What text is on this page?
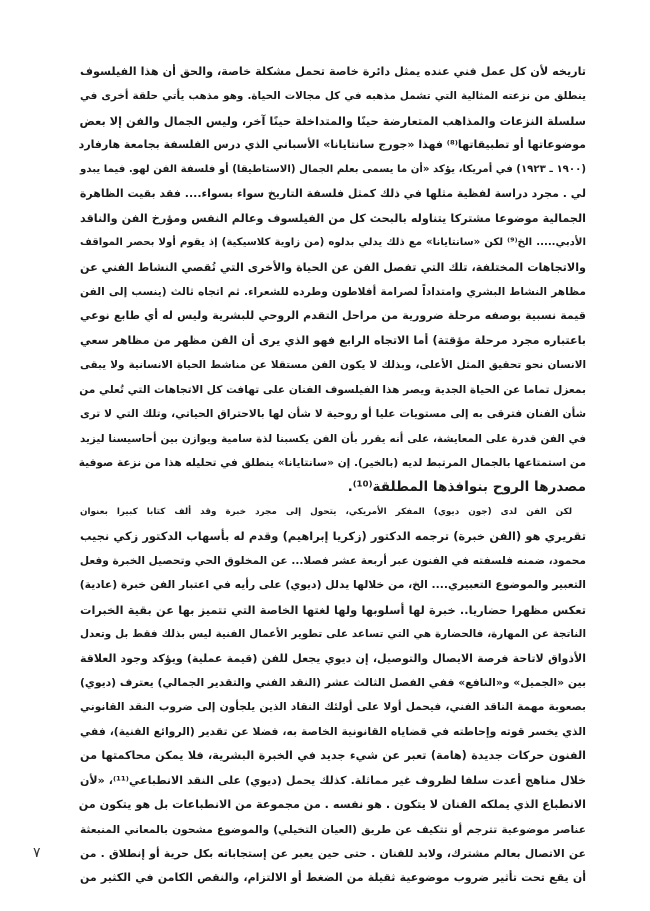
تاريخه لأن كل عمل فني عنده يمثل دائرة خاصة تحمل مشكلة خاصة، والحق أن هذا الفيلسوف
ينطلق من نزعته المثالية التي تشمل مذهبه في كل مجالات الحياة. وهو مذهب يأتي حلقة أخرى في
سلسلة النزعات والمذاهب المتعارضة حينًا والمتداخلة حينًا آخر، وليس الجمال والفن إلا بعض
موضوعاتها أو تطبيقاتها⁽⁸⁾ فهذا «جورج سانتايانا» الأسباني الذي درس الفلسفة بجامعة هارفارد
(١٩٠٠ ـ ١٩٢٣) في أمريكا، يؤكد «أن ما يسمى بعلم الجمال (الاستاطيقا) أو فلسفة الفن لهو. فيما يبدو
لي . مجرد دراسة لفظية مثلها في ذلك كمثل فلسفة التاريخ سواء بسواء.... فقد بقيت الظاهرة
الجمالية موضوعا مشتركا يتناوله بالبحث كل من الفيلسوف وعالم النفس ومؤرخ الفن والناقد
الأدبي..... الخ⁽⁹⁾ لكن «سانتايانا» مع ذلك يدلي بدلوه (من زاوية كلاسيكية) إذ يقوم أولا بحصر المواقف
والاتجاهات المختلفة، تلك التي تفصل الفن عن الحياة والأخرى التي تُقصي النشاط الفني عن
مظاهر النشاط البشري وامتداداً لصرامة أفلاطون وطرده للشعراء. ثم اتجاه ثالث (ينسب إلى الفن
قيمة نسبية بوصفه مرحلة ضرورية من مراحل التقدم الروحي للبشرية وليس له أي طابع نوعي
باعتباره مجرد مرحلة مؤقتة) أما الاتجاه الرابع فهو الذي يرى أن الفن مظهر من مظاهر سعي
الانسان نحو تحقيق المثل الأعلى، وبذلك لا يكون الفن مستقلا عن مناشط الحياة الانسانية ولا يبقى
بمعزل تماما عن الحياة الجدية ويصر هذا الفيلسوف الفنان على تهافت كل الاتجاهات التي تُعلي من
شأن الفنان فترقى به إلى مستويات عليا أو روحية لا شأن لها بالاحتراق الحياتي، وتلك التي لا ترى
في الفن قدرة على المعايشة، على أنه يقرر بأن الفن يكسبنا لذة سامية ويوازن بين أحاسيسنا ليزيد
من استمتاعها بالجمال المرتبط لديه (بالخير). إن «سانتايانا» ينطلق في تحليله هذا من نزعة صوفية
مصدرها الروح بنوافذها المطلقة⁽¹⁰⁾.
لكن الفن لدى (جون ديوي) المفكر الأمريكي، يتحول إلى مجرد خبرة وقد ألف كتابا كبيرا بعنوان
تقريري هو (الفن خبرة) ترجمه الدكتور (زكريا إبراهيم) وقدم له بأسهاب الدكتور زكي نجيب
محمود، ضمنه فلسفته في الفنون عبر أربعة عشر فصلا... عن المخلوق الحي وتحصيل الخبرة وفعل
التعبير والموضوع التعبيري.... الخ، من خلالها يدلل (ديوي) على رأيه في اعتبار الفن خبرة (عادية)
تعكس مظهرا حضاريا.. خبرة لها أسلوبها ولها لغتها الخاصة التي تتميز بها عن بقية الخبرات
الناتجة عن المهارة، فالحضارة هي التي تساعد على تطوير الأعمال الفنية ليس بذلك فقط بل وتعدل
الأذواق لاتاحة فرصة الايصال والتوصيل، إن ديوي يجعل للفن (قيمة عملية) ويؤكد وجود العلاقة
بين «الجميل» و«النافع» ففي الفصل الثالث عشر (النقد الفني والتقدير الجمالي) يعترف (ديوي)
بصعوبة مهمة الناقد الفني، فيحمل أولا على أولئك النقاد الذين يلجأون إلى ضروب النقد القانوني
الذي يخسر قوته وإحاطته في قضاياه القانونية الخاصة به، فضلا عن تقدير (الروائع الفنية)، ففي
الفنون حركات جديدة (هامة) تعبر عن شيء جديد في الخبرة البشرية، فلا يمكن محاكمتها من
خلال مناهج أعدت سلفا لظروف غير مماثلة. كذلك يحمل (ديوي) على النقد الانطباعي⁽¹¹⁾، «لأن
الانطباع الذي يملكه الفنان لا يتكون . هو نفسه . من مجموعة من الانطباعات بل هو يتكون من
عناصر موضوعية تترجم أو تتكيف عن طريق (العيان التخيلي) والموضوع مشحون بالمعاني المنبعثة
عن الاتصال بعالم مشترك، ولابد للفنان . حتى حين يعبر عن إستجاباته بكل حرية أو إنطلاق . من
أن يقع تحت تأثير ضروب موضوعية ثقيلة من الضغط أو الالتزام، والنقص الكامن في الكثير من
٧
